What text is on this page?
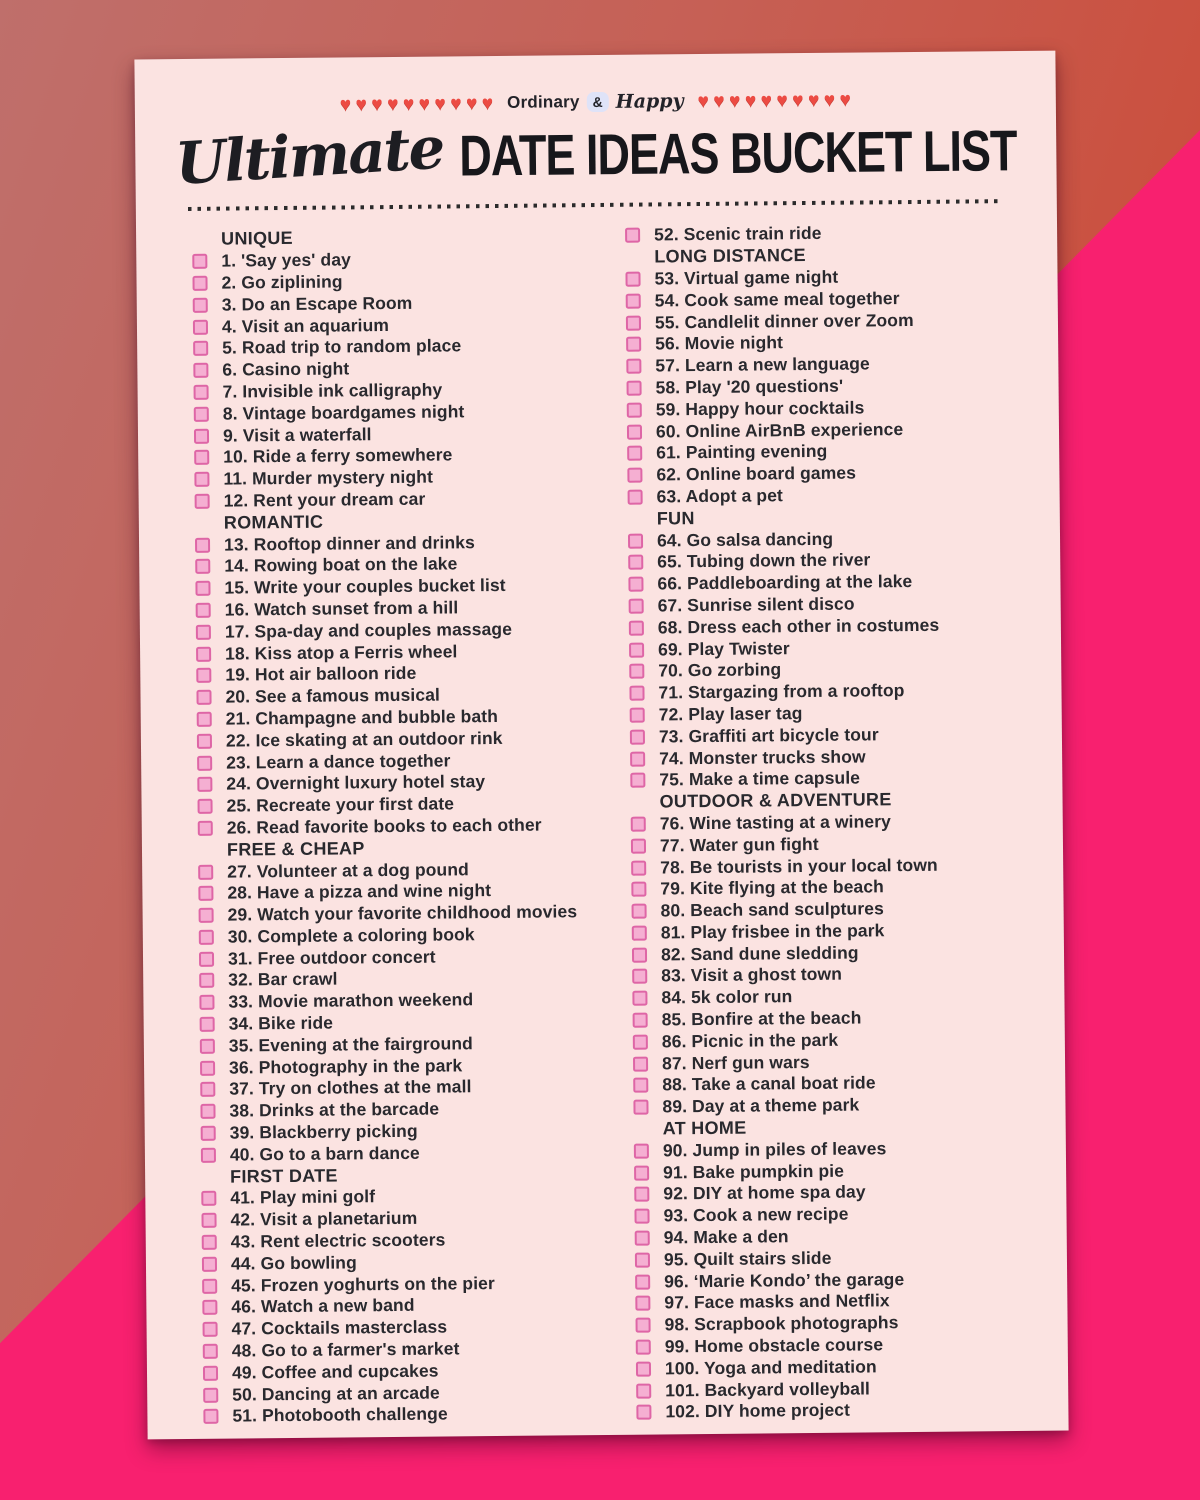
♥ ♥ ♥ ♥ ♥ ♥ ♥ ♥ ♥ ♥ Ordinary & Happy ♥ ♥ ♥ ♥ ♥ ♥ ♥ ♥ ♥ ♥
Ultimate DATE IDEAS BUCKET LIST
UNIQUE
1. 'Say yes' day
2. Go ziplining
3. Do an Escape Room
4. Visit an aquarium
5. Road trip to random place
6. Casino night
7. Invisible ink calligraphy
8. Vintage boardgames night
9. Visit a waterfall
10. Ride a ferry somewhere
11. Murder mystery night
12. Rent your dream car
ROMANTIC
13. Rooftop dinner and drinks
14. Rowing boat on the lake
15. Write your couples bucket list
16. Watch sunset from a hill
17. Spa-day and couples massage
18. Kiss atop a Ferris wheel
19. Hot air balloon ride
20. See a famous musical
21. Champagne and bubble bath
22. Ice skating at an outdoor rink
23. Learn a dance together
24. Overnight luxury hotel stay
25. Recreate your first date
26. Read favorite books to each other
FREE & CHEAP
27. Volunteer at a dog pound
28. Have a pizza and wine night
29. Watch your favorite childhood movies
30. Complete a coloring book
31. Free outdoor concert
32. Bar crawl
33. Movie marathon weekend
34. Bike ride
35. Evening at the fairground
36. Photography in the park
37. Try on clothes at the mall
38. Drinks at the barcade
39. Blackberry picking
40. Go to a barn dance
FIRST DATE
41. Play mini golf
42. Visit a planetarium
43. Rent electric scooters
44. Go bowling
45. Frozen yoghurts on the pier
46. Watch a new band
47. Cocktails masterclass
48. Go to a farmer's market
49. Coffee and cupcakes
50. Dancing at an arcade
51. Photobooth challenge
52. Scenic train ride
LONG DISTANCE
53. Virtual game night
54. Cook same meal together
55. Candlelit dinner over Zoom
56. Movie night
57. Learn a new language
58. Play '20 questions'
59. Happy hour cocktails
60. Online AirBnB experience
61. Painting evening
62. Online board games
63. Adopt a pet
FUN
64. Go salsa dancing
65. Tubing down the river
66. Paddleboarding at the lake
67. Sunrise silent disco
68. Dress each other in costumes
69. Play Twister
70. Go zorbing
71. Stargazing from a rooftop
72. Play laser tag
73. Graffiti art bicycle tour
74. Monster trucks show
75. Make a time capsule
OUTDOOR & ADVENTURE
76. Wine tasting at a winery
77. Water gun fight
78. Be tourists in your local town
79. Kite flying at the beach
80. Beach sand sculptures
81. Play frisbee in the park
82. Sand dune sledding
83. Visit a ghost town
84. 5k color run
85. Bonfire at the beach
86. Picnic in the park
87. Nerf gun wars
88. Take a canal boat ride
89. Day at a theme park
AT HOME
90. Jump in piles of leaves
91. Bake pumpkin pie
92. DIY at home spa day
93. Cook a new recipe
94. Make a den
95. Quilt stairs slide
96. ‘Marie Kondo’ the garage
97. Face masks and Netflix
98. Scrapbook photographs
99. Home obstacle course
100. Yoga and meditation
101. Backyard volleyball
102. DIY home project
